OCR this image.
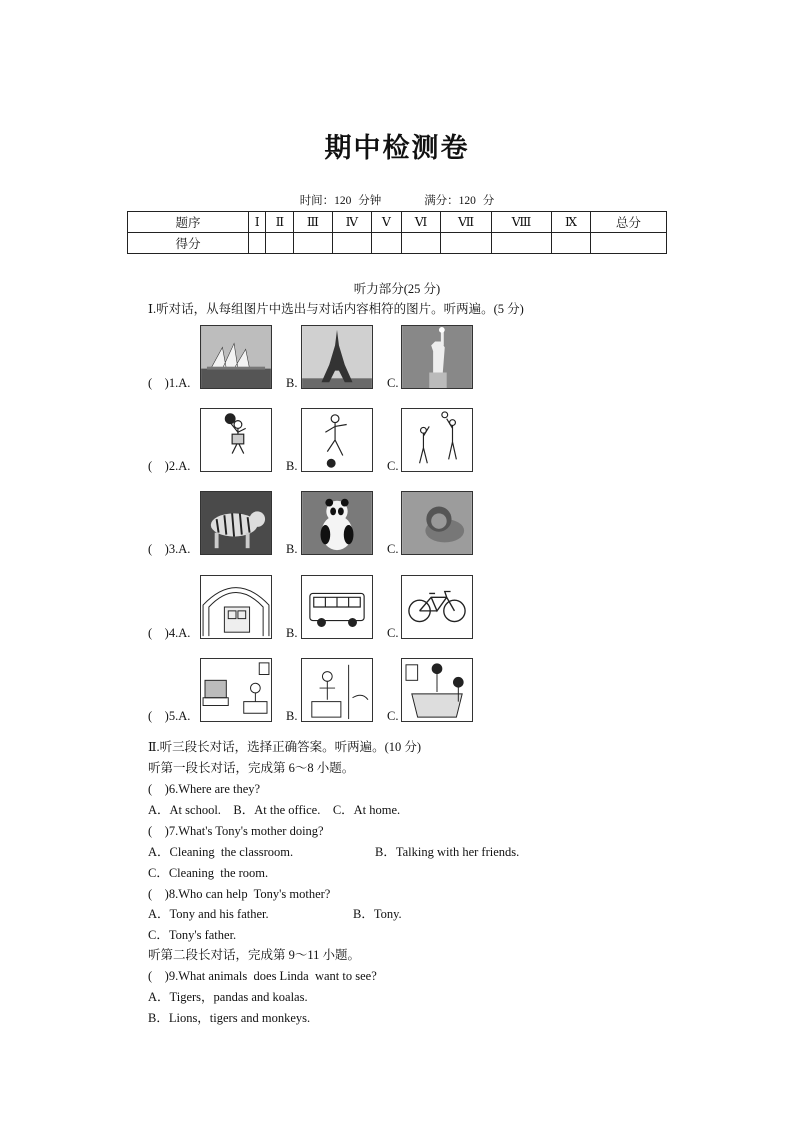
期中检测卷
时间：120 分钟	满分：120 分
题序	Ⅰ	Ⅱ	Ⅲ	Ⅳ	Ⅴ	Ⅵ	Ⅶ	Ⅷ	Ⅸ	总分
得分										
听力部分(25 分)
Ⅰ.听对话，从每组图片中选出与对话内容相符的图片。听两遍。(5 分)
(　)1.A.	B.	C.
(　)2.A.	B.	C.
(　)3.A.	B.	C.
(　)4.A.	B.	C.
(　)5.A.	B.	C.
Ⅱ.听三段长对话，选择正确答案。听两遍。(10 分)
听第一段长对话，完成第 6～8 小题。
(　)6.Where are they?
A．At school.　B．At the office.　C．At home.
(　)7.What's Tony's mother doing?
A．Cleaning  the classroom.	B．Talking with her friends.
C．Cleaning  the room.
(　)8.Who can help  Tony's mother?
A．Tony and his father.	B．Tony.
C．Tony's father.
听第二段长对话，完成第 9～11 小题。
(　)9.What animals  does Linda  want to see?
A．Tigers，pandas and koalas.
B．Lions，tigers and monkeys.
